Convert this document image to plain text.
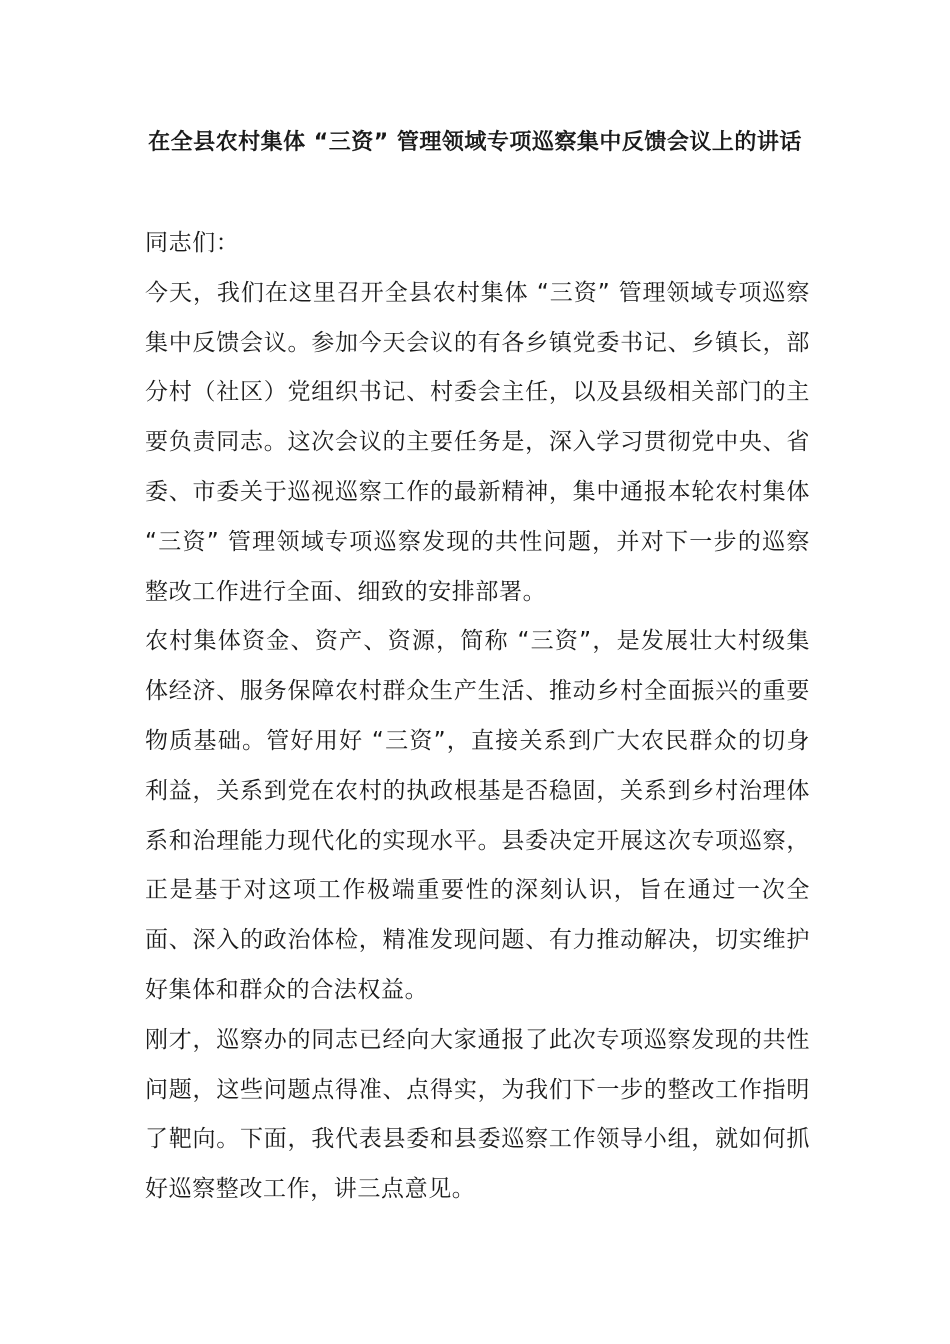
在全县农村集体 “三资” 管理领域专项巡察集中反馈会议上的讲话

同志们：

今天，我们在这里召开全县农村集体 “三资” 管理领域专项巡察集中反馈会议。参加今天会议的有各乡镇党委书记、乡镇长，部分村（社区）党组织书记、村委会主任，以及县级相关部门的主要负责同志。这次会议的主要任务是，深入学习贯彻党中央、省委、市委关于巡视巡察工作的最新精神，集中通报本轮农村集体 “三资” 管理领域专项巡察发现的共性问题，并对下一步的巡察整改工作进行全面、细致的安排部署。

农村集体资金、资产、资源，简称 “三资”，是发展壮大村级集体经济、服务保障农村群众生产生活、推动乡村全面振兴的重要物质基础。管好用好 “三资”，直接关系到广大农民群众的切身利益，关系到党在农村的执政根基是否稳固，关系到乡村治理体系和治理能力现代化的实现水平。县委决定开展这次专项巡察，正是基于对这项工作极端重要性的深刻认识，旨在通过一次全面、深入的政治体检，精准发现问题、有力推动解决，切实维护好集体和群众的合法权益。

刚才，巡察办的同志已经向大家通报了此次专项巡察发现的共性问题，这些问题点得准、点得实，为我们下一步的整改工作指明了靶向。下面，我代表县委和县委巡察工作领导小组，就如何抓好巡察整改工作，讲三点意见。
